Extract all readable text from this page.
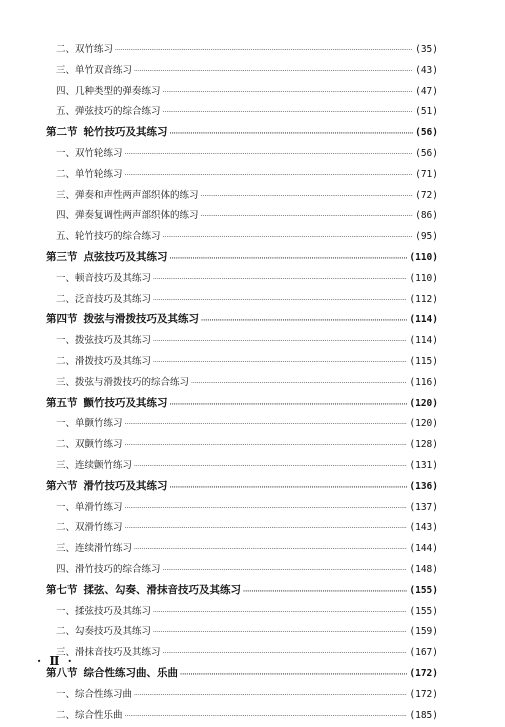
二、双竹练习 ·····	(35)
三、单竹双音练习 ·····	(43)
四、几种类型的弹奏练习 ·····	(47)
五、弹弦技巧的综合练习 ·····	(51)
第二节 轮竹技巧及其练习 ·····	(56)
一、双竹轮练习 ·····	(56)
二、单竹轮练习 ·····	(71)
三、弹奏和声性两声部织体的练习 ·····	(72)
四、弹奏复调性两声部织体的练习 ·····	(86)
五、轮竹技巧的综合练习 ·····	(95)
第三节 点弦技巧及其练习 ·····	(110)
一、顿音技巧及其练习 ·····	(110)
二、泛音技巧及其练习 ·····	(112)
第四节 拨弦与滑拨技巧及其练习 ·····	(114)
一、拨弦技巧及其练习 ·····	(114)
二、滑拨技巧及其练习 ·····	(115)
三、拨弦与滑拨技巧的综合练习 ·····	(116)
第五节 颤竹技巧及其练习 ·····	(120)
一、单颤竹练习 ·····	(120)
二、双颤竹练习 ·····	(128)
三、连续颤竹练习 ·····	(131)
第六节 滑竹技巧及其练习 ·····	(136)
一、单滑竹练习 ·····	(137)
二、双滑竹练习 ·····	(143)
三、连续滑竹练习 ·····	(144)
四、滑竹技巧的综合练习 ·····	(148)
第七节 揉弦、勾奏、滑抹音技巧及其练习 ·····	(155)
一、揉弦技巧及其练习 ·····	(155)
二、勾奏技巧及其练习 ·····	(159)
三、滑抹音技巧及其练习 ·····	(167)
第八节 综合性练习曲、乐曲 ·····	(172)
一、综合性练习曲 ·····	(172)
二、综合性乐曲 ·····	(185)
· Ⅱ ·
